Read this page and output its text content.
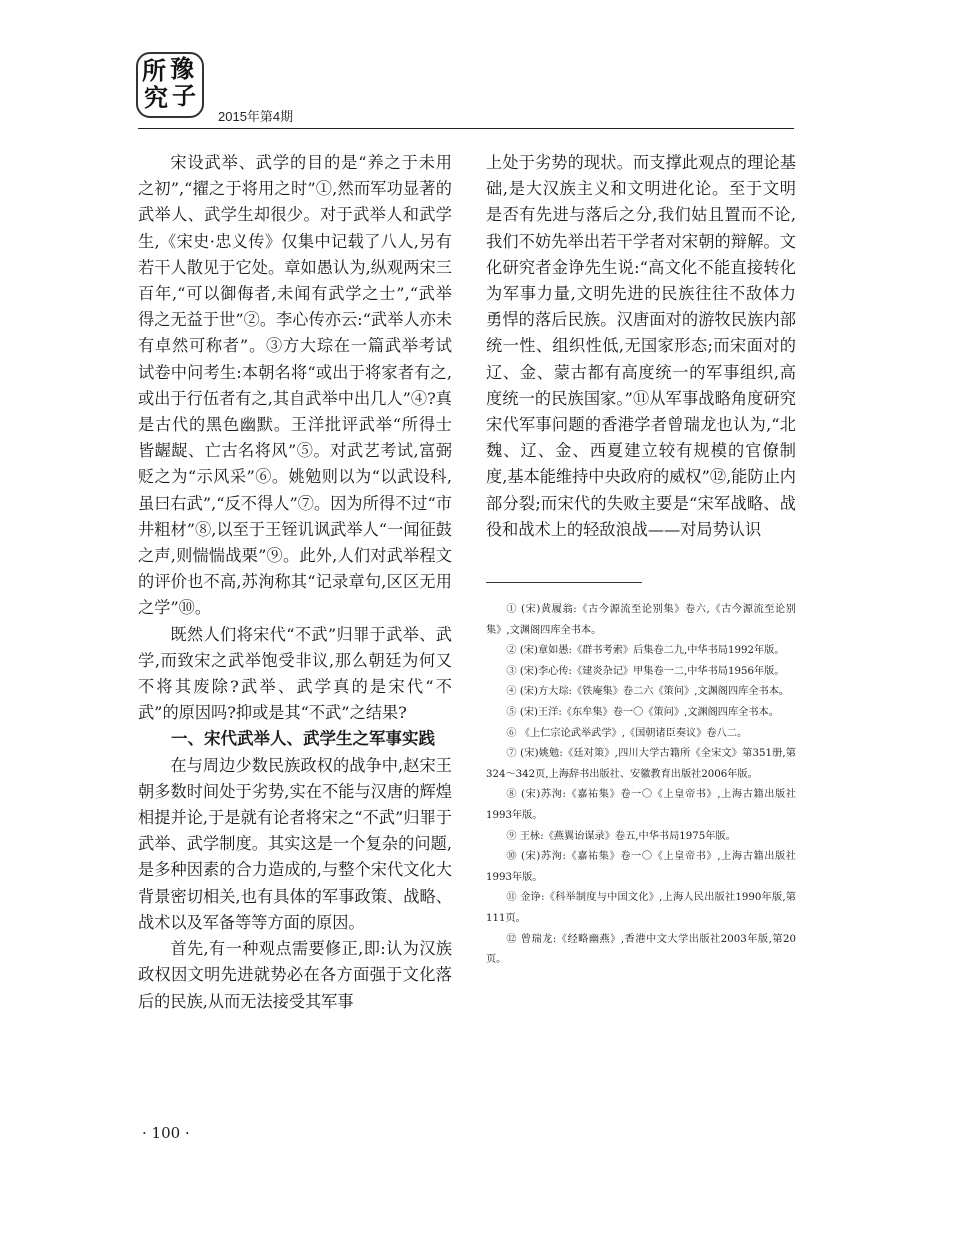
所 豫
究 子
2015年第4期

宋设武举、武学的目的是“养之于未用之初”,“擢之于将用之时”①,然而军功显著的武举人、武学生却很少。对于武举人和武学生,《宋史·忠义传》仅集中记载了八人,另有若干人散见于它处。章如愚认为,纵观两宋三百年,“可以御侮者,未闻有武学之士”,“武举得之无益于世”②。李心传亦云:“武举人亦未有卓然可称者”。③方大琮在一篇武举考试试卷中问考生:本朝名将“或出于将家者有之,或出于行伍者有之,其自武举中出几人”④?真是古代的黑色幽默。王洋批评武举“所得士皆龌龊、亡古名将风”⑤。对武艺考试,富弼贬之为“示风采”⑥。姚勉则以为“以武设科,虽曰右武”,“反不得人”⑦。因为所得不过“市井粗材”⑧,以至于王铚讥讽武举人“一闻征鼓之声,则惴惴战栗”⑨。此外,人们对武举程文的评价也不高,苏洵称其“记录章句,区区无用之学”⑩。

既然人们将宋代“不武”归罪于武举、武学,而致宋之武举饱受非议,那么朝廷为何又不将其废除?武举、武学真的是宋代“不武”的原因吗?抑或是其“不武”之结果?

一、宋代武举人、武学生之军事实践

在与周边少数民族政权的战争中,赵宋王朝多数时间处于劣势,实在不能与汉唐的辉煌相提并论,于是就有论者将宋之“不武”归罪于武举、武学制度。其实这是一个复杂的问题,是多种因素的合力造成的,与整个宋代文化大背景密切相关,也有具体的军事政策、战略、战术以及军备等等方面的原因。

首先,有一种观点需要修正,即:认为汉族政权因文明先进就势必在各方面强于文化落后的民族,从而无法接受其军事

上处于劣势的现状。而支撑此观点的理论基础,是大汉族主义和文明进化论。至于文明是否有先进与落后之分,我们姑且置而不论,我们不妨先举出若干学者对宋朝的辩解。文化研究者金诤先生说:“高文化不能直接转化为军事力量,文明先进的民族往往不敌体力勇悍的落后民族。汉唐面对的游牧民族内部统一性、组织性低,无国家形态;而宋面对的辽、金、蒙古都有高度统一的军事组织,高度统一的民族国家。”⑪从军事战略角度研究宋代军事问题的香港学者曾瑞龙也认为,“北魏、辽、金、西夏建立较有规模的官僚制度,基本能维持中央政府的威权”⑫,能防止内部分裂;而宋代的失败主要是“宋军战略、战役和战术上的轻敌浪战——对局势认识

① (宋)黄履翁:《古今源流至论别集》卷六,《古今源流至论别集》,文渊阁四库全书本。

② (宋)章如愚:《群书考索》后集卷二九,中华书局1992年版。

③ (宋)李心传:《建炎杂记》甲集卷一二,中华书局1956年版。

④ (宋)方大琮:《铁庵集》卷二六《策问》,文渊阁四库全书本。

⑤ (宋)王洋:《东牟集》卷一〇《策问》,文渊阁四库全书本。

⑥ 《上仁宗论武举武学》,《国朝诸臣奏议》卷八二。

⑦ (宋)姚勉:《廷对策》,四川大学古籍所《全宋文》第351册,第324～342页,上海辞书出版社、安徽教育出版社2006年版。

⑧ (宋)苏洵:《嘉祐集》卷一〇《上皇帝书》,上海古籍出版社1993年版。

⑨ 王栐:《燕翼诒谋录》卷五,中华书局1975年版。

⑩ (宋)苏洵:《嘉祐集》卷一〇《上皇帝书》,上海古籍出版社1993年版。

⑪ 金诤:《科举制度与中国文化》,上海人民出版社1990年版,第111页。

⑫ 曾瑞龙:《经略幽燕》,香港中文大学出版社2003年版,第20页。

· 100 ·
